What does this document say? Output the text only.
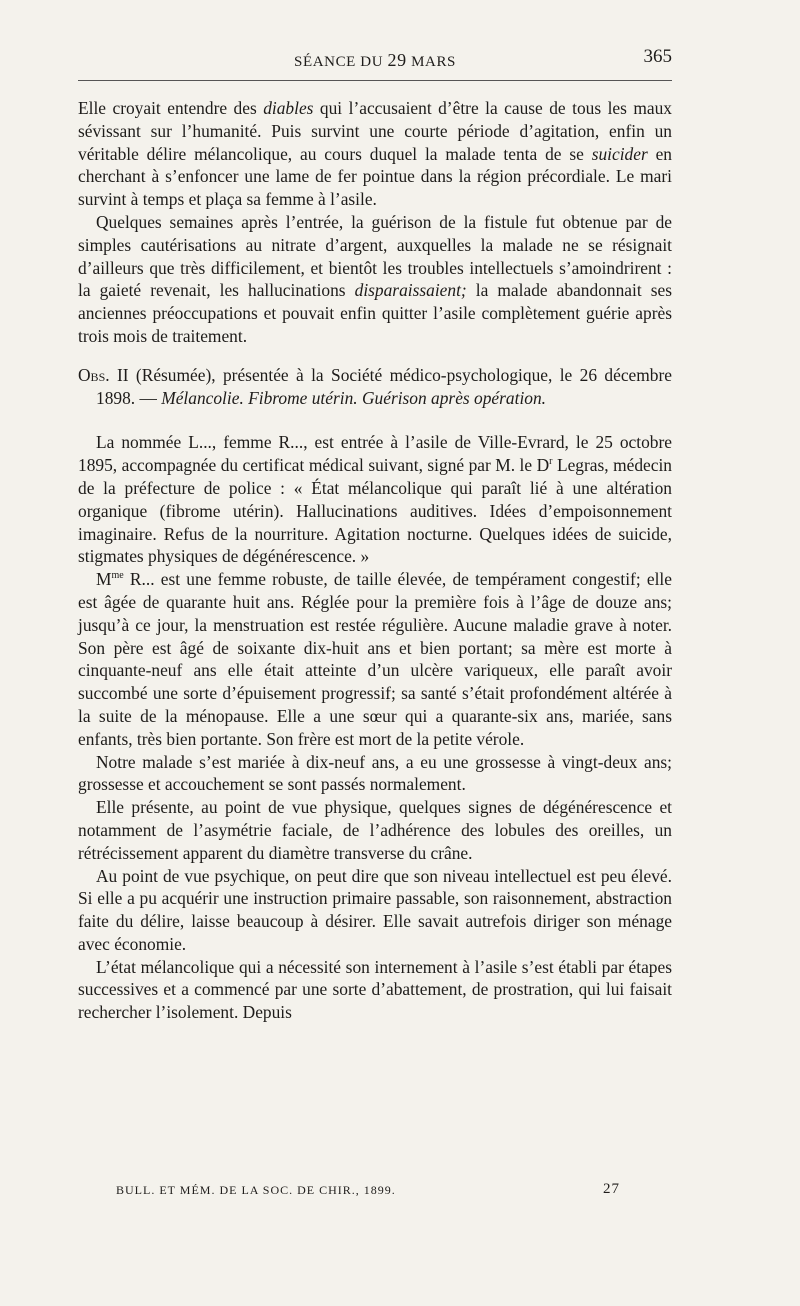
SÉANCE DU 29 MARS	365

Elle croyait entendre des diables qui l’accusaient d’être la cause de tous les maux sévissant sur l’humanité. Puis survint une courte période d’agitation, enfin un véritable délire mélancolique, au cours duquel la malade tenta de se suicider en cherchant à s’enfoncer une lame de fer pointue dans la région précordiale. Le mari survint à temps et plaça sa femme à l’asile.

Quelques semaines après l’entrée, la guérison de la fistule fut obtenue par de simples cautérisations au nitrate d’argent, auxquelles la malade ne se résignait d’ailleurs que très difficilement, et bientôt les troubles intellectuels s’amoindrirent : la gaieté revenait, les hallucinations disparaissaient; la malade abandonnait ses anciennes préoccupations et pouvait enfin quitter l’asile complètement guérie après trois mois de traitement.

Obs. II (Résumée), présentée à la Société médico-psychologique, le 26 décembre 1898. — Mélancolie. Fibrome utérin. Guérison après opération.

La nommée L..., femme R..., est entrée à l’asile de Ville-Evrard, le 25 octobre 1895, accompagnée du certificat médical suivant, signé par M. le $D^r$ Legras, médecin de la préfecture de police : « État mélancolique qui paraît lié à une altération organique (fibrome utérin). Hallucinations auditives. Idées d’empoisonnement imaginaire. Refus de la nourriture. Agitation nocturne. Quelques idées de suicide, stigmates physiques de dégénérescence. »

$M^{me}$ R... est une femme robuste, de taille élevée, de tempérament congestif; elle est âgée de quarante huit ans. Réglée pour la première fois à l’âge de douze ans; jusqu’à ce jour, la menstruation est restée régulière. Aucune maladie grave à noter. Son père est âgé de soixante dix-huit ans et bien portant; sa mère est morte à cinquante-neuf ans elle était atteinte d’un ulcère variqueux, elle paraît avoir succombé une sorte d’épuisement progressif; sa santé s’était profondément altérée à la suite de la ménopause. Elle a une sœur qui a quarante-six ans, mariée, sans enfants, très bien portante. Son frère est mort de la petite vérole.

Notre malade s’est mariée à dix-neuf ans, a eu une grossesse à vingt-deux ans; grossesse et accouchement se sont passés normalement.

Elle présente, au point de vue physique, quelques signes de dégénérescence et notamment de l’asymétrie faciale, de l’adhérence des lobules des oreilles, un rétrécissement apparent du diamètre transverse du crâne.

Au point de vue psychique, on peut dire que son niveau intellectuel est peu élevé. Si elle a pu acquérir une instruction primaire passable, son raisonnement, abstraction faite du délire, laisse beaucoup à désirer. Elle savait autrefois diriger son ménage avec économie.

L’état mélancolique qui a nécessité son internement à l’asile s’est établi par étapes successives et a commencé par une sorte d’abattement, de prostration, qui lui faisait rechercher l’isolement. Depuis

BULL. ET MÉM. DE LA SOC. DE CHIR., 1899.	27
